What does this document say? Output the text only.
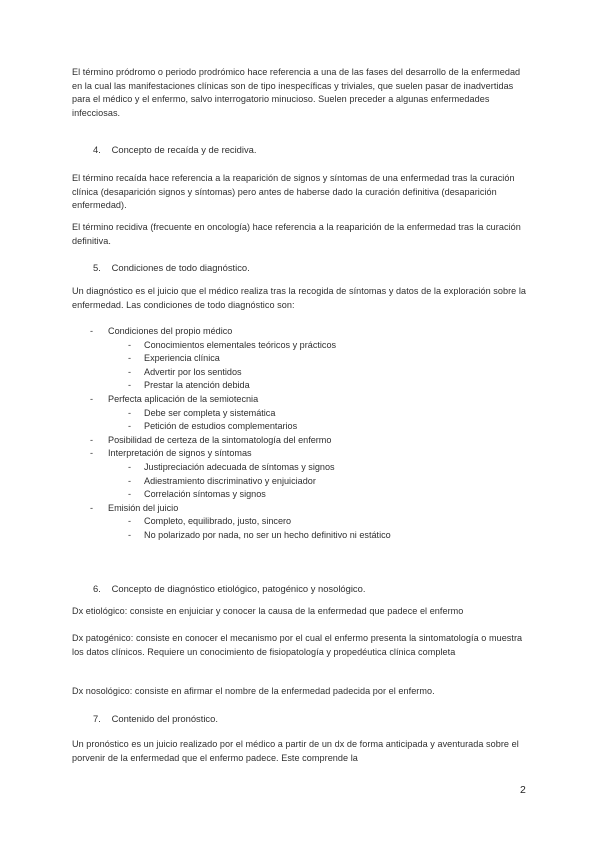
El término pródromo o periodo prodrómico hace referencia a una de las fases del desarrollo de la enfermedad en la cual las manifestaciones clínicas son de tipo inespecíficas y triviales, que suelen pasar de inadvertidas para el médico y el enfermo, salvo interrogatorio minucioso. Suelen preceder a algunas enfermedades infecciosas.

4. Concepto de recaída y de recidiva.

El término recaída hace referencia a la reaparición de signos y síntomas de una enfermedad tras la curación clínica (desaparición signos y síntomas) pero antes de haberse dado la curación definitiva (desaparición enfermedad).

El término recidiva (frecuente en oncología) hace referencia a la reaparición de la enfermedad tras la curación definitiva.

5. Condiciones de todo diagnóstico.

Un diagnóstico es el juicio que el médico realiza tras la recogida de síntomas y datos de la exploración sobre la enfermedad. Las condiciones de todo diagnóstico son:

- Condiciones del propio médico
- Conocimientos elementales teóricos y prácticos
- Experiencia clínica
- Advertir por los sentidos
- Prestar la atención debida
- Perfecta aplicación de la semiotecnia
- Debe ser completa y sistemática
- Petición de estudios complementarios
- Posibilidad de certeza de la sintomatología del enfermo
- Interpretación de signos y síntomas
- Justipreciación adecuada de síntomas y signos
- Adiestramiento discriminativo y enjuiciador
- Correlación síntomas y signos
- Emisión del juicio
- Completo, equilibrado, justo, sincero
- No polarizado por nada, no ser un hecho definitivo ni estático
6. Concepto de diagnóstico etiológico, patogénico y nosológico.

Dx etiológico: consiste en enjuiciar y conocer la causa de la enfermedad que padece el enfermo

Dx patogénico: consiste en conocer el mecanismo por el cual el enfermo presenta la sintomatología o muestra los datos clínicos. Requiere un conocimiento de fisiopatología y propedéutica clínica completa

Dx nosológico: consiste en afirmar el nombre de la enfermedad padecida por el enfermo.

7. Contenido del pronóstico.

Un pronóstico es un juicio realizado por el médico a partir de un dx de forma anticipada y aventurada sobre el porvenir de la enfermedad que el enfermo padece. Este comprende la

2
